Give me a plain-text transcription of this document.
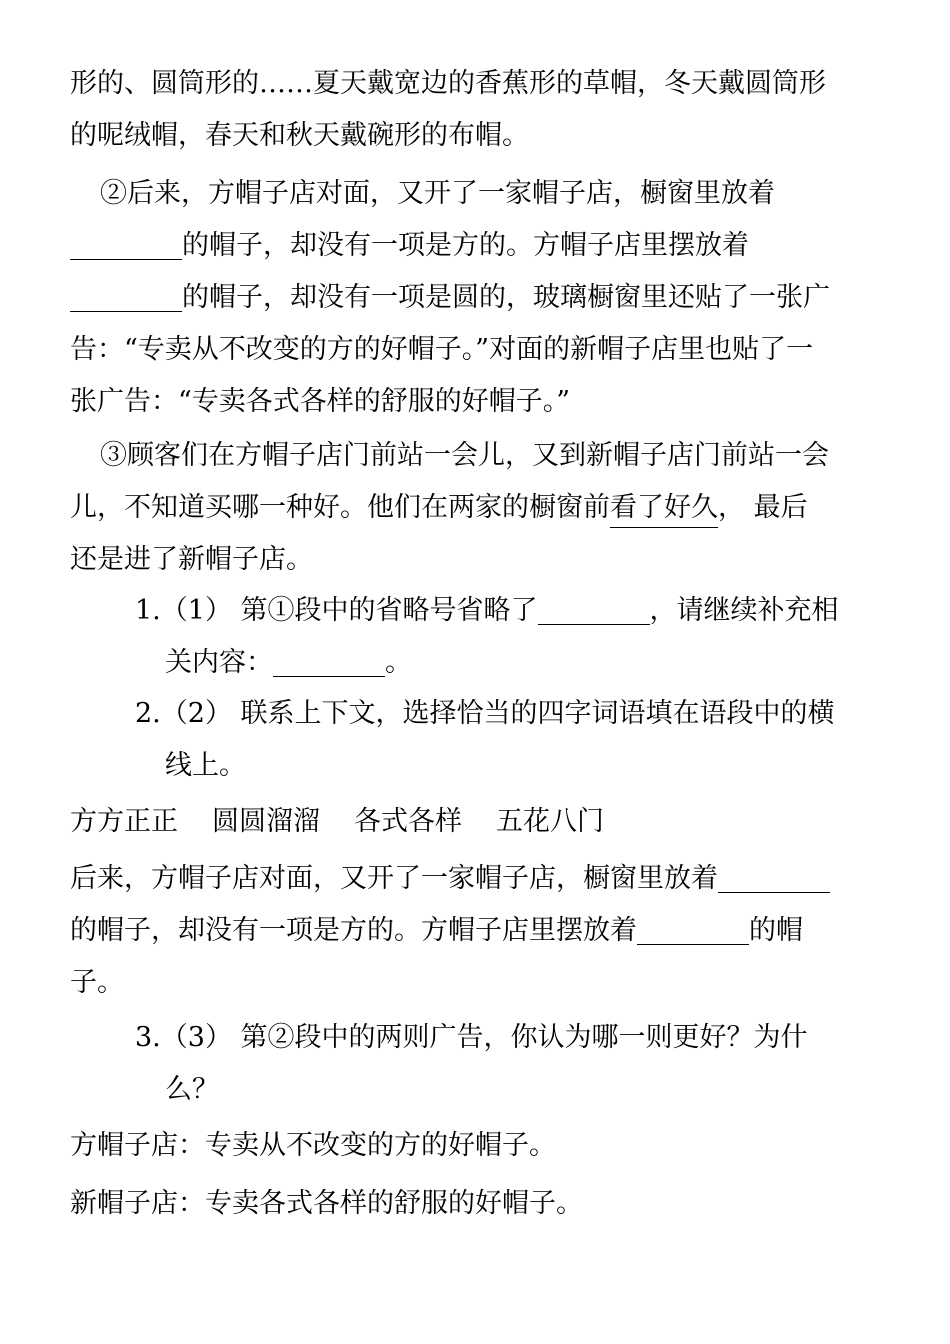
形的、圆筒形的……夏天戴宽边的香蕉形的草帽，冬天戴圆筒形
的呢绒帽，春天和秋天戴碗形的布帽。
②后来，方帽子店对面，又开了一家帽子店，橱窗里放着
的帽子，却没有一项是方的。方帽子店里摆放着
的帽子，却没有一项是圆的，玻璃橱窗里还贴了一张广
告：“专卖从不改变的方的好帽子。”对面的新帽子店里也贴了一
张广告：“专卖各式各样的舒服的好帽子。”
③顾客们在方帽子店门前站一会儿，又到新帽子店门前站一会
儿，不知道买哪一种好。他们在两家的橱窗前看了好久， 最后
还是进了新帽子店。
1.（1） 第①段中的省略号省略了	，请继续补充相
关内容：	。
2.（2） 联系上下文，选择恰当的四字词语填在语段中的横
线上。
方方正正 圆圆溜溜 各式各样 五花八门
后来，方帽子店对面，又开了一家帽子店，橱窗里放着
的帽子，却没有一项是方的。方帽子店里摆放着	的帽
子。
3.（3） 第②段中的两则广告，你认为哪一则更好？为什
么？
方帽子店：专卖从不改变的方的好帽子。
新帽子店：专卖各式各样的舒服的好帽子。
